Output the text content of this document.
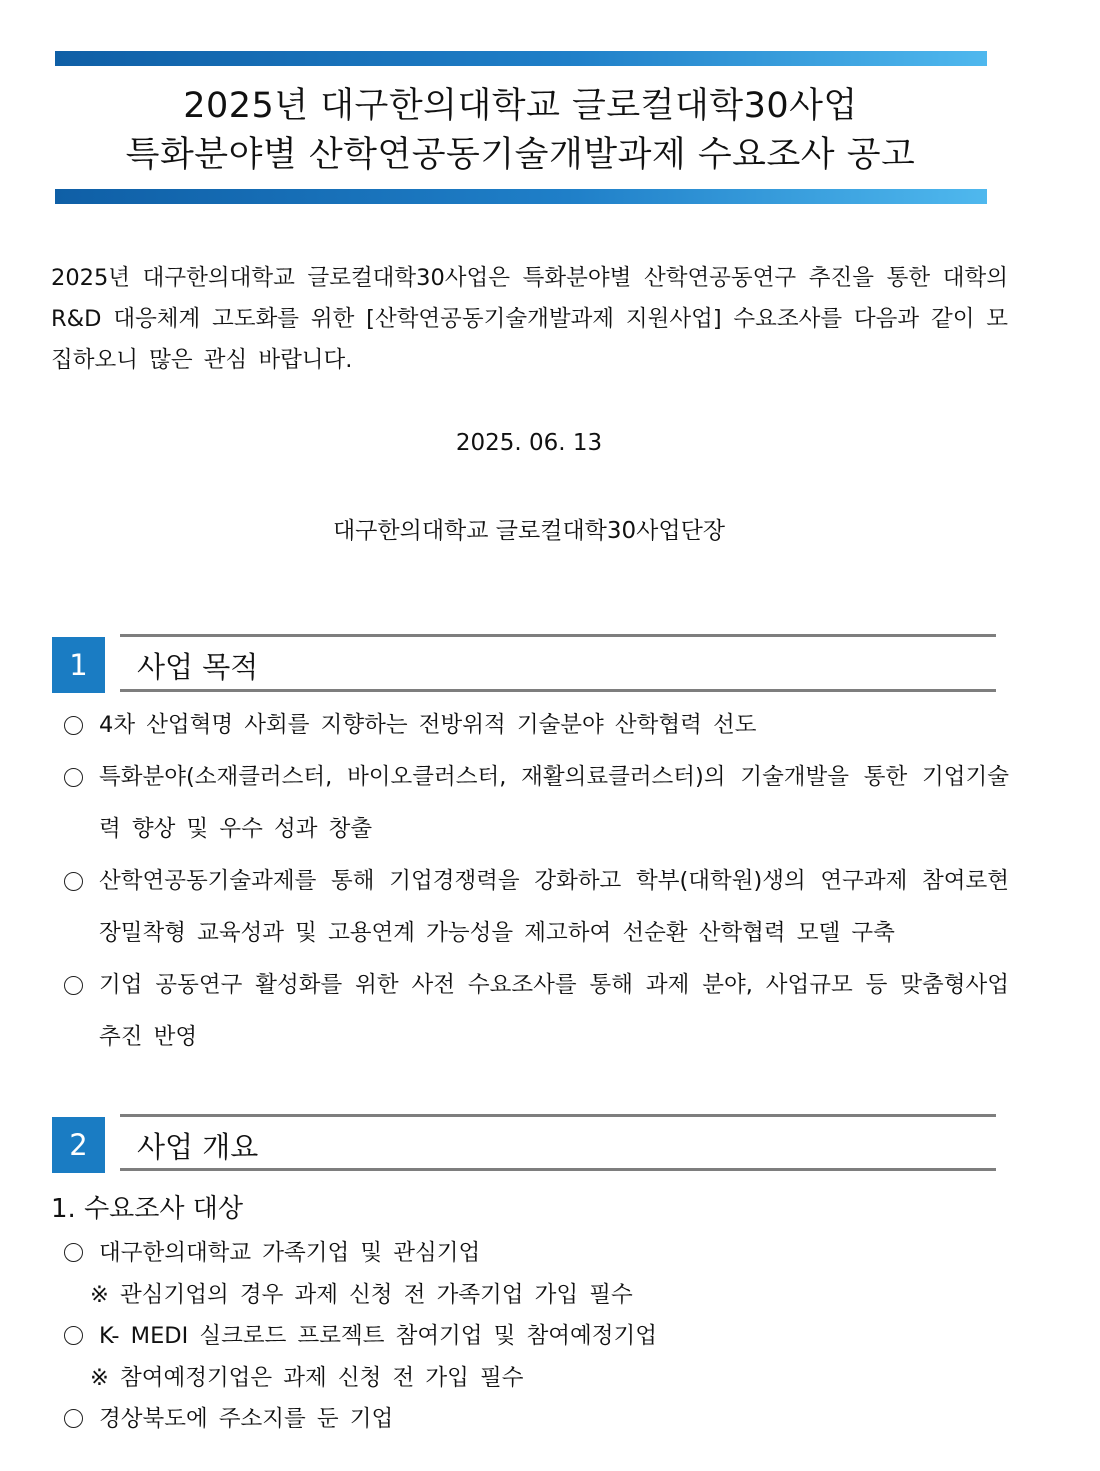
2025년 대구한의대학교 글로컬대학30사업
특화분야별 산학연공동기술개발과제 수요조사 공고
2025년 대구한의대학교 글로컬대학30사업은 특화분야별 산학연공동연구 추진을 통한 대학의 R&D 대응체계 고도화를 위한 [산학연공동기술개발과제 지원사업] 수요조사를 다음과 같이 모집하오니 많은 관심 바랍니다.
2025. 06. 13
대구한의대학교 글로컬대학30사업단장
1	사업 목적
4차 산업혁명 사회를 지향하는 전방위적 기술분야 산학협력 선도
특화분야(소재클러스터, 바이오클러스터, 재활의료클러스터)의 기술개발을 통한 기업기술력 향상 및 우수 성과 창출
산학연공동기술과제를 통해 기업경쟁력을 강화하고 학부(대학원)생의 연구과제 참여로현장밀착형 교육성과 및 고용연계 가능성을 제고하여 선순환 산학협력 모델 구축
기업 공동연구 활성화를 위한 사전 수요조사를 통해 과제 분야, 사업규모 등 맞춤형사업추진 반영
2	사업 개요
1. 수요조사 대상
대구한의대학교 가족기업 및 관심기업
※ 관심기업의 경우 과제 신청 전 가족기업 가입 필수
K- MEDI 실크로드 프로젝트 참여기업 및 참여예정기업
※ 참여예정기업은 과제 신청 전 가입 필수
경상북도에 주소지를 둔 기업
